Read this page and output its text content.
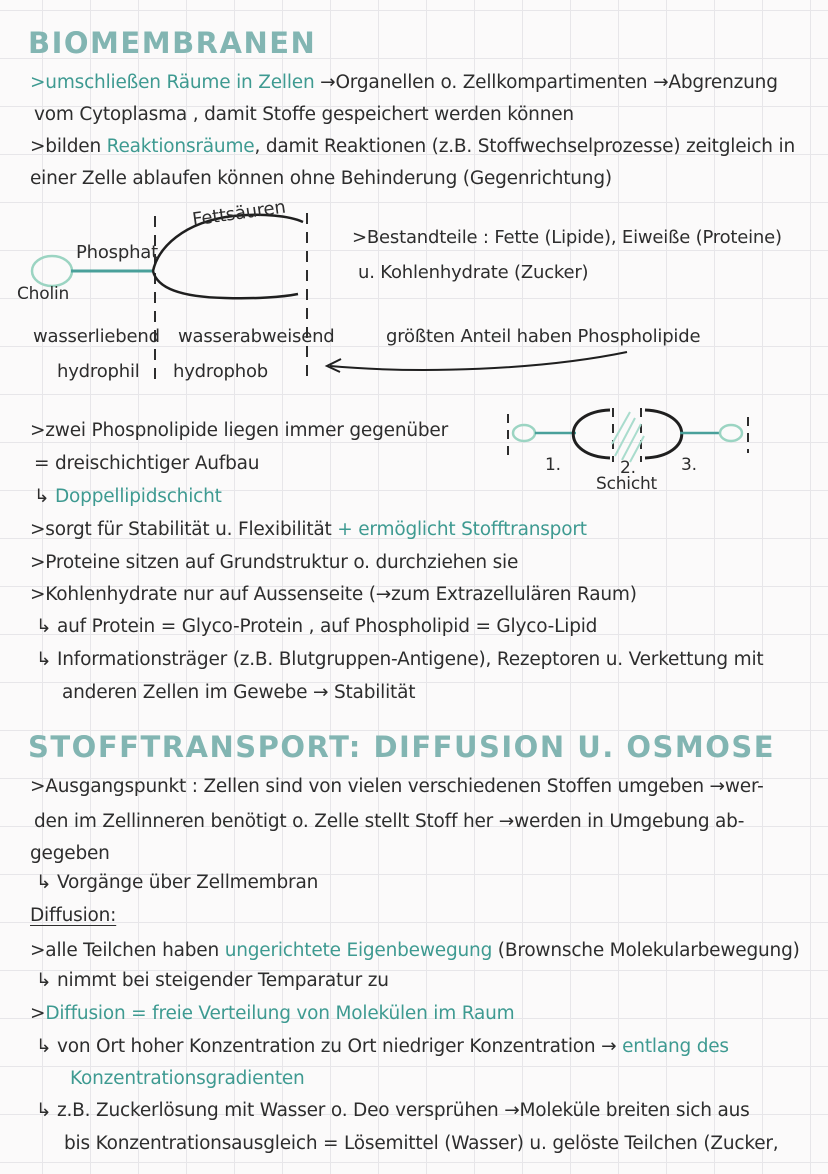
BIOMEMBRANEN
>umschließen Räume in Zellen →Organellen o. Zellkompartimenten →Abgrenzung
vom Cytoplasma , damit Stoffe gespeichert werden können
>bilden Reaktionsräume, damit Reaktionen (z.B. Stoffwechselprozesse) zeitgleich in
einer Zelle ablaufen können ohne Behinderung (Gegenrichtung)
Fettsäuren
Phosphat
Cholin
wasserliebend wasserabweisend
hydrophil hydrophob
>Bestandteile : Fette (Lipide), Eiweiße (Proteine)
u. Kohlenhydrate (Zucker)
größten Anteil haben Phospholipide
>zwei Phospnolipide liegen immer gegenüber
= dreischichtiger Aufbau
↳ Doppellipidschicht
>sorgt für Stabilität u. Flexibilität + ermöglicht Stofftransport
>Proteine sitzen auf Grundstruktur o. durchziehen sie
>Kohlenhydrate nur auf Aussenseite (→zum Extrazellulären Raum)
↳ auf Protein = Glyco-Protein , auf Phospholipid = Glyco-Lipid
↳ Informationsträger (z.B. Blutgruppen-Antigene), Rezeptoren u. Verkettung mit
anderen Zellen im Gewebe → Stabilität
1.	2.	3.
Schicht
STOFFTRANSPORT: DIFFUSION U. OSMOSE
>Ausgangspunkt : Zellen sind von vielen verschiedenen Stoffen umgeben →wer-
den im Zellinneren benötigt o. Zelle stellt Stoff her →werden in Umgebung ab-
gegeben
↳ Vorgänge über Zellmembran
Diffusion:
>alle Teilchen haben ungerichtete Eigenbewegung (Brownsche Molekularbewegung)
↳ nimmt bei steigender Temparatur zu
>Diffusion = freie Verteilung von Molekülen im Raum
↳ von Ort hoher Konzentration zu Ort niedriger Konzentration → entlang des
Konzentrationsgradienten
↳ z.B. Zuckerlösung mit Wasser o. Deo versprühen →Moleküle breiten sich aus
bis Konzentrationsausgleich = Lösemittel (Wasser) u. gelöste Teilchen (Zucker,
